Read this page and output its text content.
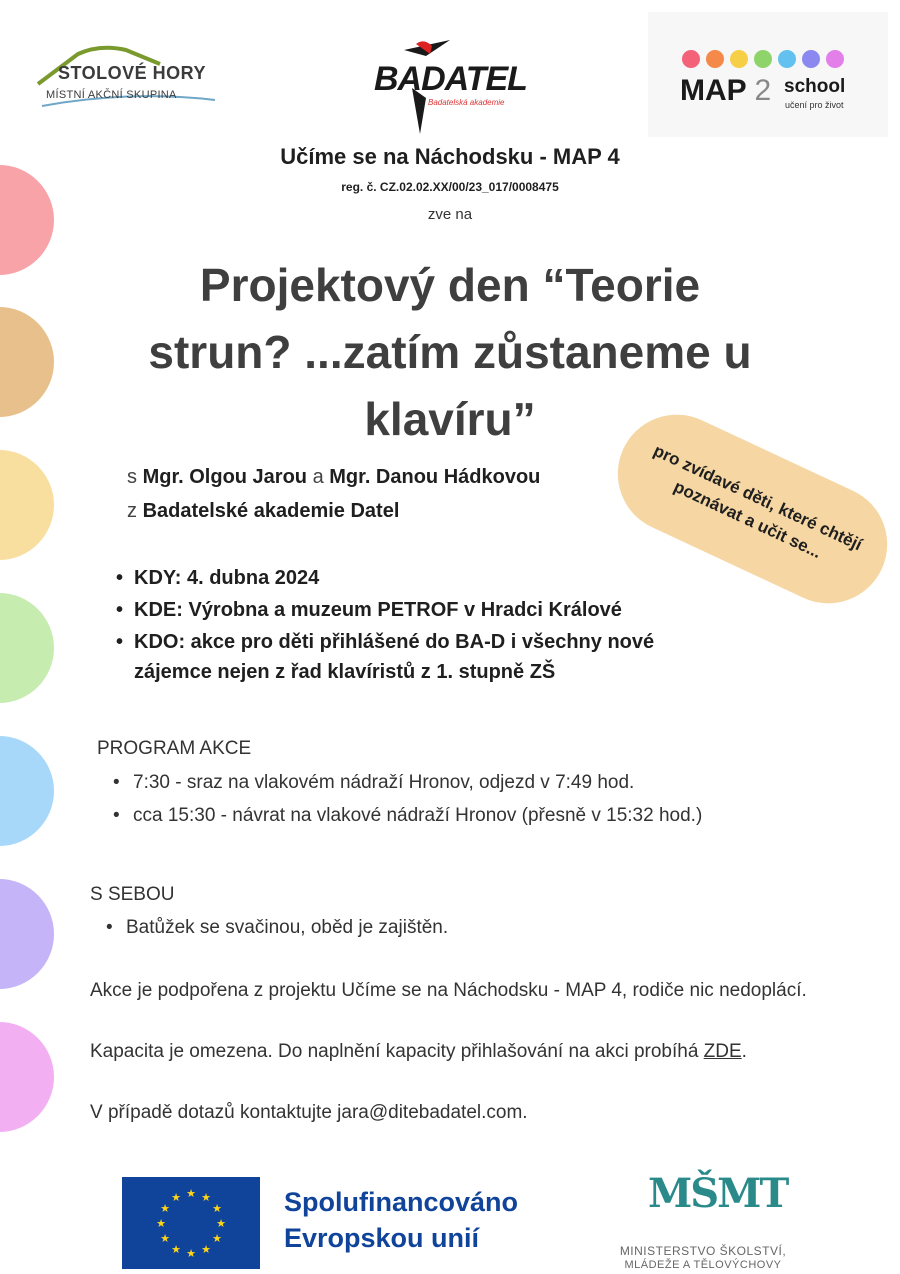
STOLOVÉ HORY
MÍSTNÍ AKČNÍ SKUPINA	BADATEL
Badatelská akademie	MAP 2 school
učení pro život
Učíme se na Náchodsku - MAP 4
reg. č. CZ.02.02.XX/00/23_017/0008475
zve na
Projektový den “Teorie
strun? ...zatím zůstaneme u
klavíru”
s Mgr. Olgou Jarou a Mgr. Danou Hádkovou
z Badatelské akademie Datel	pro zvídavé děti, které chtějí poznávat a učit se...
• KDY: 4. dubna 2024
• KDE: Výrobna a muzeum PETROF v Hradci Králové
• KDO: akce pro děti přihlášené do BA-D i všechny nové zájemce nejen z řad klavíristů z 1. stupně ZŠ
PROGRAM AKCE
• 7:30 - sraz na vlakovém nádraží Hronov, odjezd v 7:49 hod.
• cca 15:30 - návrat na vlakové nádraží Hronov (přesně v 15:32 hod.)
S SEBOU
• Batůžek se svačinou, oběd je zajištěn.
Akce je podpořena z projektu Učíme se na Náchodsku - MAP 4, rodiče nic nedoplácí.
Kapacita je omezena. Do naplnění kapacity přihlašování na akci probíhá ZDE.
V případě dotazů kontaktujte jara@ditebadatel.com.
★ ★
★
★
★
★
★
★
★
★
★
★	Spolufinancováno
Evropskou unií
MŠMT
MINISTERSTVO ŠKOLSTVÍ,
MLÁDEŽE A TĚLOVÝCHOVY
